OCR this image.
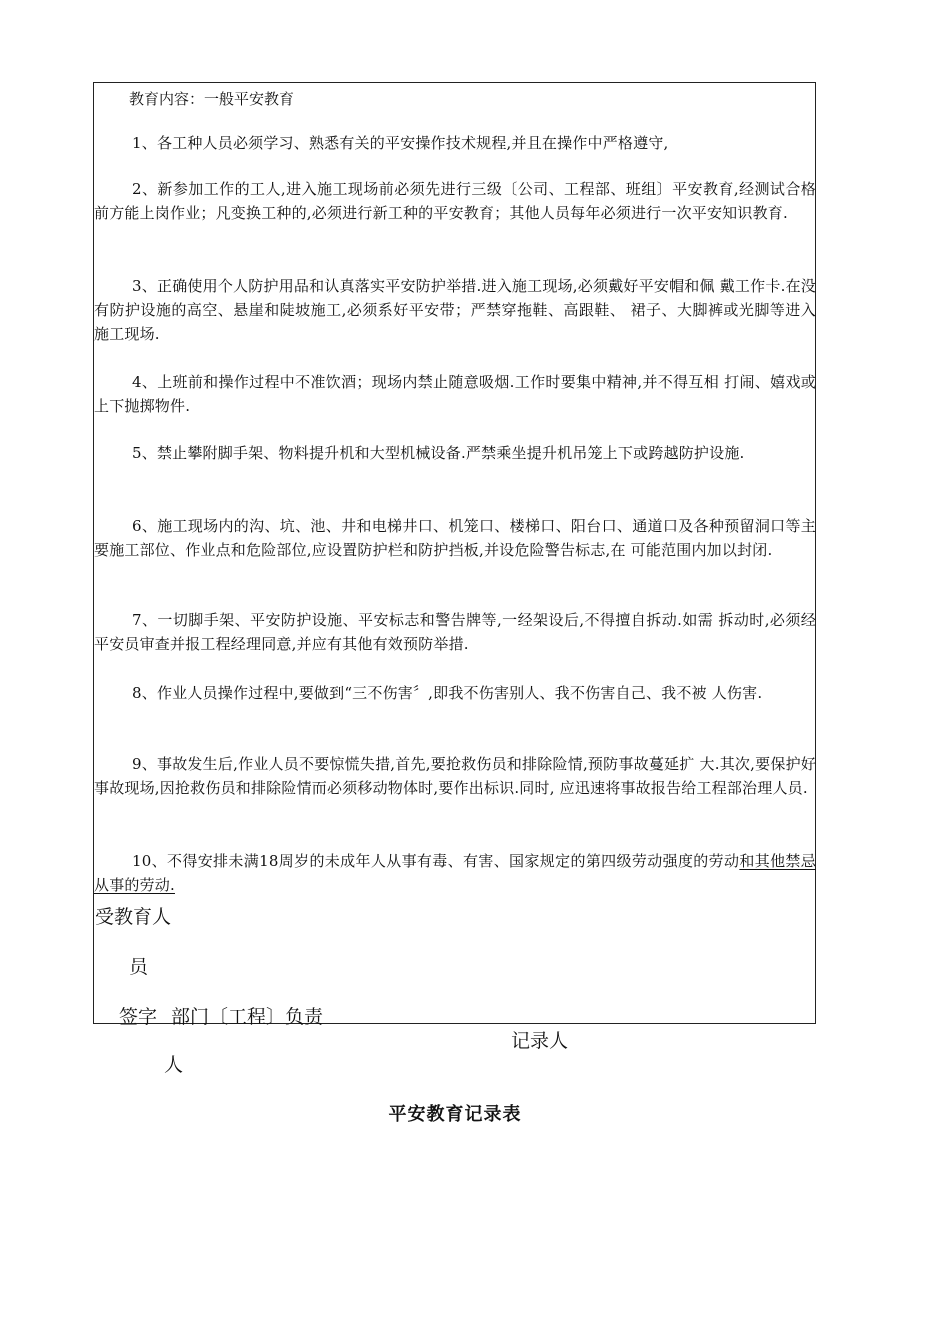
教育内容：一般平安教育
1、各工种人员必须学习、熟悉有关的平安操作技术规程,并且在操作中严格遵守,
2、新参加工作的工人,进入施工现场前必须先进行三级〔公司、工程部、班组〕平安教育,经测试合格前方能上岗作业；凡变换工种的,必须进行新工种的平安教育；其他人员每年必须进行一次平安知识教育.
3、正确使用个人防护用品和认真落实平安防护举措.进入施工现场,必须戴好平安帽和佩 戴工作卡.在没有防护设施的高空、悬崖和陡坡施工,必须系好平安带；严禁穿拖鞋、高跟鞋、 裙子、大脚裤或光脚等进入施工现场.
4、上班前和操作过程中不准饮酒；现场内禁止随意吸烟.工作时要集中精神,并不得互相 打闹、嬉戏或上下抛掷物件.
5、禁止攀附脚手架、物料提升机和大型机械设备.严禁乘坐提升机吊笼上下或跨越防护设施.
6、施工现场内的沟、坑、池、井和电梯井口、机笼口、楼梯口、阳台口、通道口及各种预留洞口等主要施工部位、作业点和危险部位,应设置防护栏和防护挡板,并设危险警告标志,在 可能范围内加以封闭.
7、一切脚手架、平安防护设施、平安标志和警告牌等,一经架设后,不得擅自拆动.如需 拆动时,必须经平安员审查并报工程经理同意,并应有其他有效预防举措.
8、作业人员操作过程中,要做到“三不伤害〞,即我不伤害别人、我不伤害自己、我不被 人伤害.
9、事故发生后,作业人员不要惊慌失措,首先,要抢救伤员和排除险情,预防事故蔓延扩 大.其次,要保护好事故现场,因抢救伤员和排除险情而必须移动物体时,要作出标识.同时, 应迅速将事故报告给工程部治理人员.
10、不得安排未满18周岁的未成年人从事有毒、有害、国家规定的第四级劳动强度的劳动和其他禁忌从事的劳动.
受教育人
员
签字 部门〔工程〕负责
人
记录人
平安教育记录表
